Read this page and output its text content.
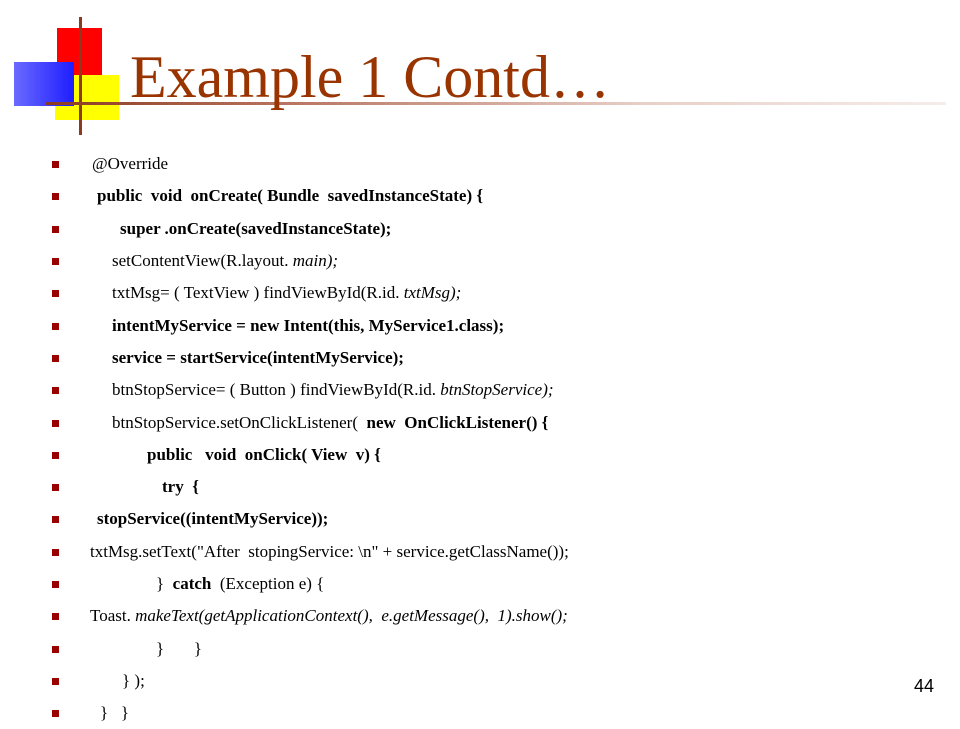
Example 1 Contd…
@Override
public  void  onCreate( Bundle  savedInstanceState) {
super .onCreate(savedInstanceState);
setContentView(R.layout. main);
txtMsg= ( TextView ) findViewById(R.id. txtMsg);
intentMyService = new Intent(this, MyService1.class);
service = startService(intentMyService);
btnStopService= ( Button ) findViewById(R.id. btnStopService);
btnStopService.setOnClickListener(  new  OnClickListener() {
public   void  onClick( View  v) {
try  {
stopService((intentMyService));
txtMsg.setText("After  stopingService: \n" + service.getClassName());
}  catch  (Exception e) {
Toast. makeText(getApplicationContext(),  e.getMessage(),  1).show();
}       }
} );
}   }
44
